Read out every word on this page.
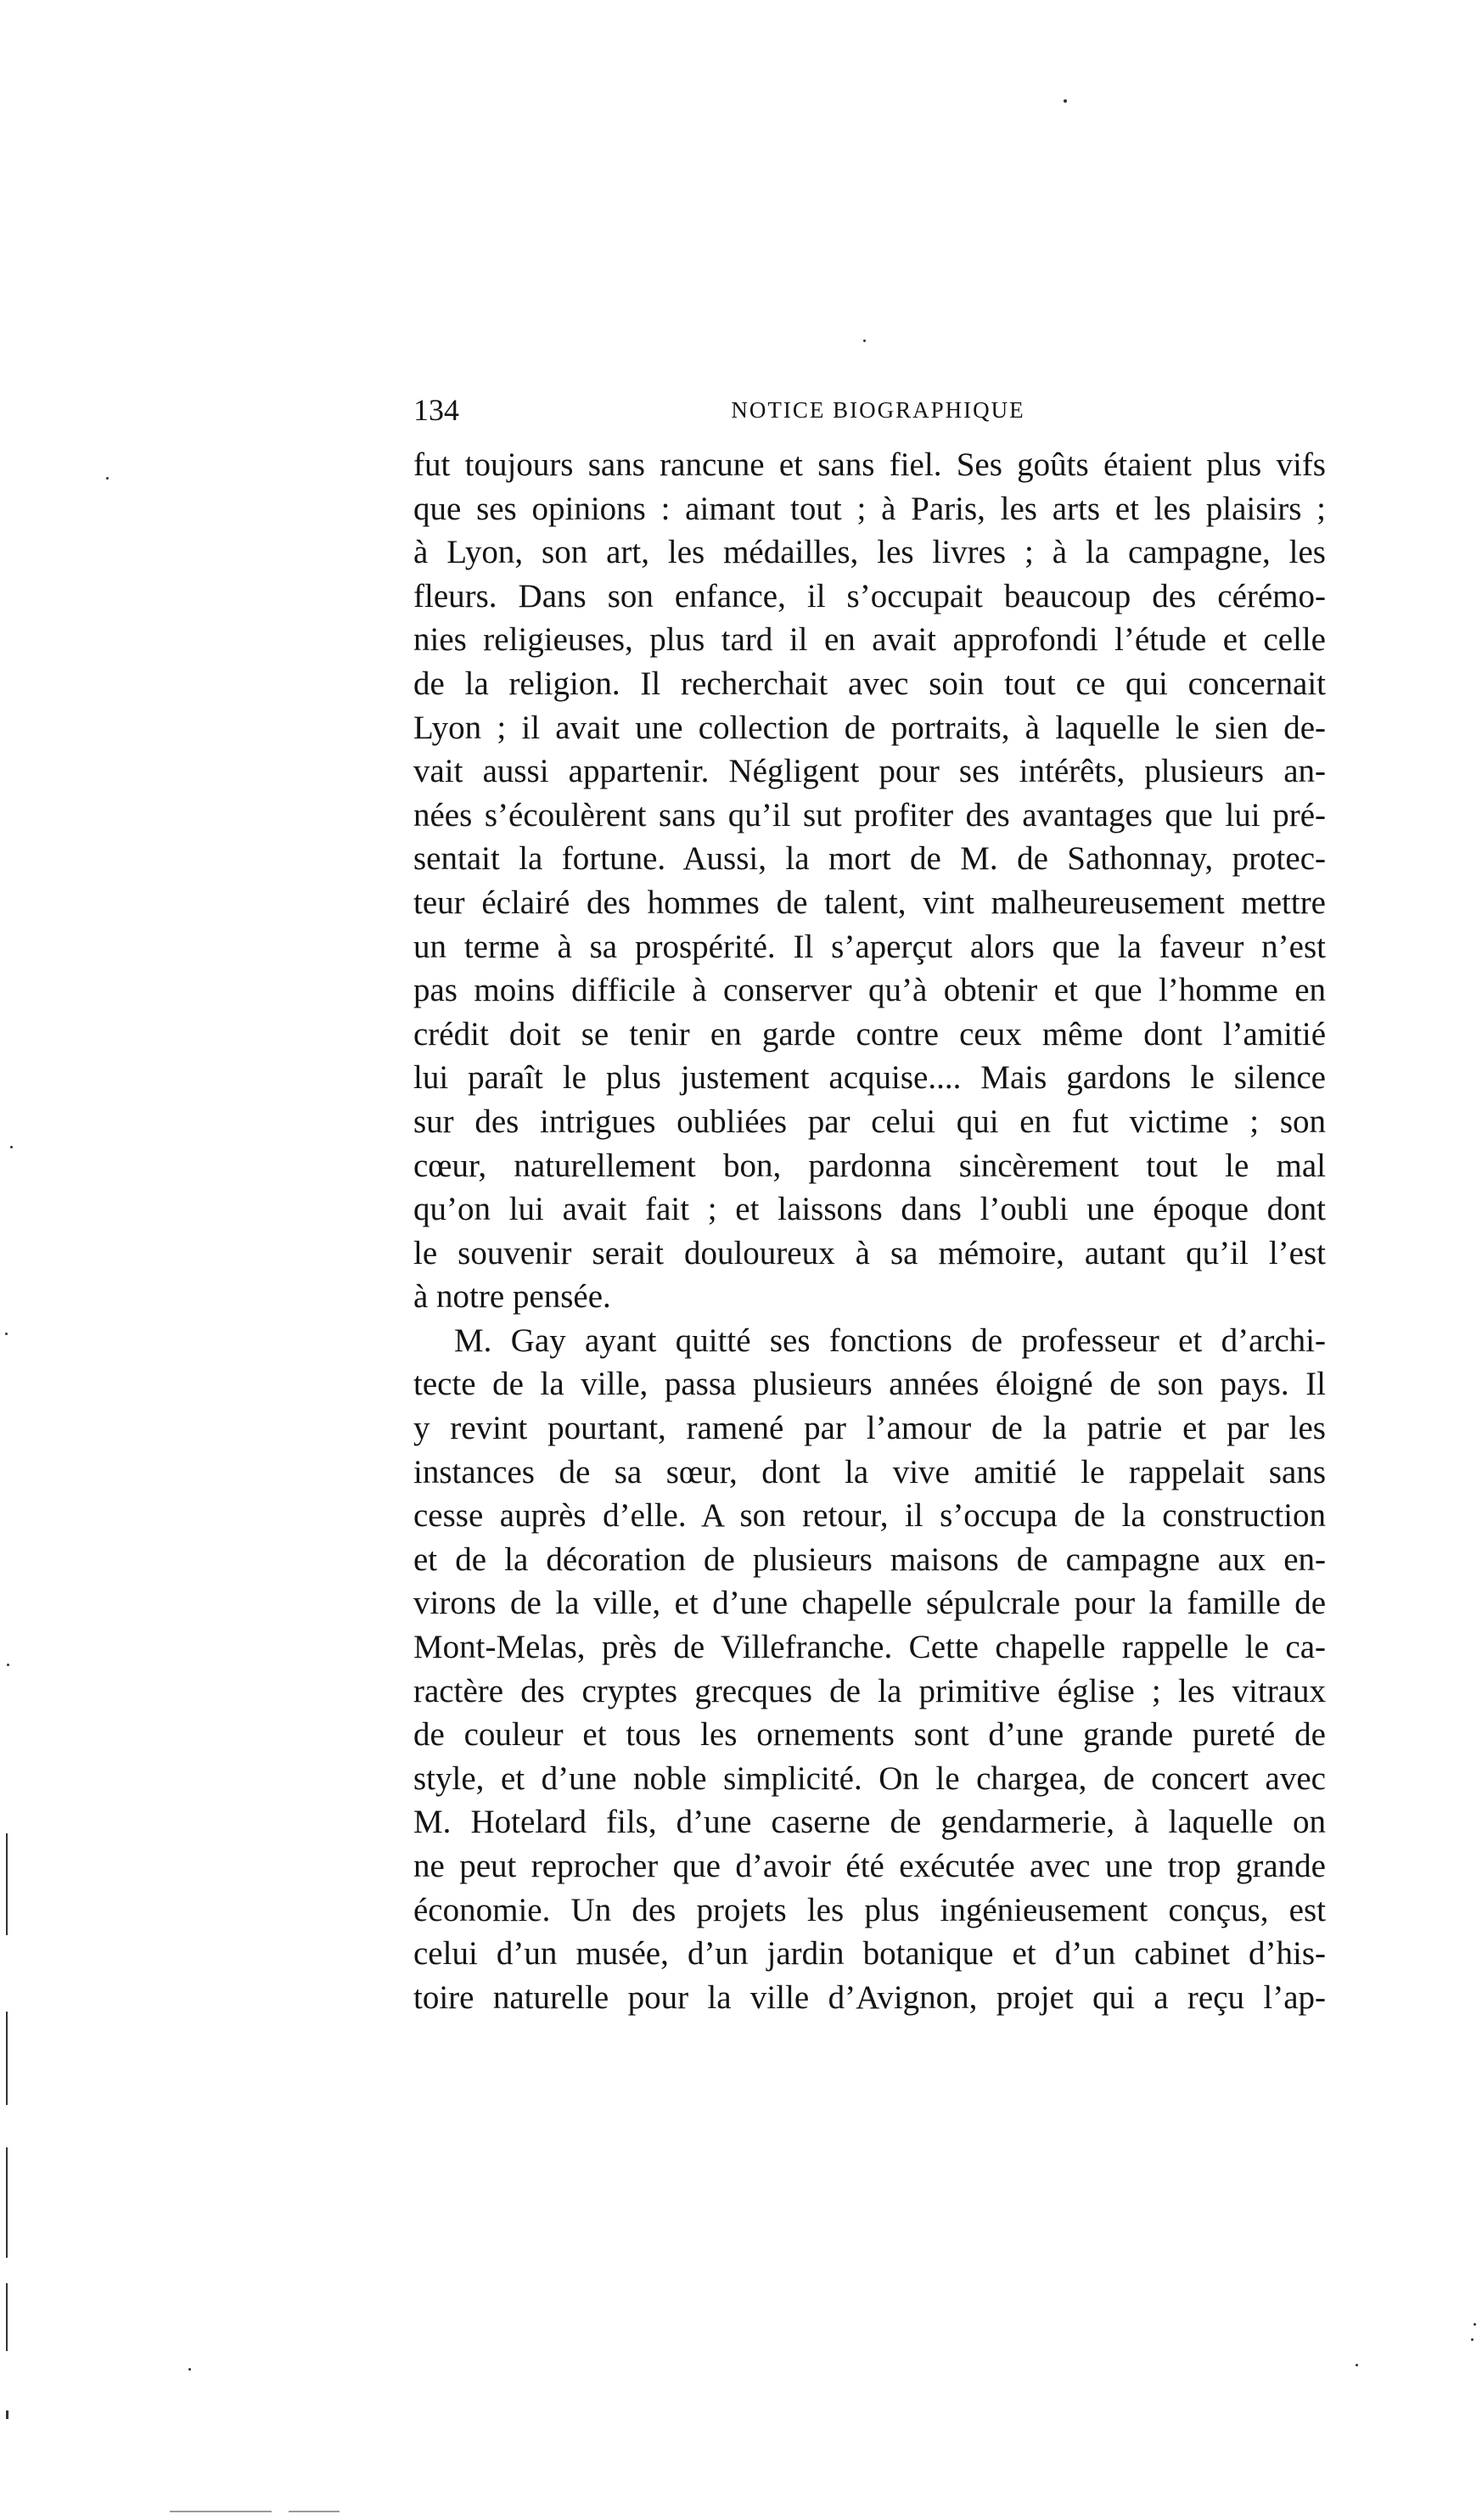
134	NOTICE BIOGRAPHIQUE
fut toujours sans rancune et sans fiel. Ses goûts étaient plus vifs
que ses opinions : aimant tout ; à Paris, les arts et les plaisirs ;
à Lyon, son art, les médailles, les livres ; à la campagne, les
fleurs. Dans son enfance, il s’occupait beaucoup des cérémo-
nies religieuses, plus tard il en avait approfondi l’étude et celle
de la religion. Il recherchait avec soin tout ce qui concernait
Lyon ; il avait une collection de portraits, à laquelle le sien de-
vait aussi appartenir. Négligent pour ses intérêts, plusieurs an-
nées s’écoulèrent sans qu’il sut profiter des avantages que lui pré-
sentait la fortune. Aussi, la mort de M. de Sathonnay, protec-
teur éclairé des hommes de talent, vint malheureusement mettre
un terme à sa prospérité. Il s’aperçut alors que la faveur n’est
pas moins difficile à conserver qu’à obtenir et que l’homme en
crédit doit se tenir en garde contre ceux même dont l’amitié
lui paraît le plus justement acquise.... Mais gardons le silence
sur des intrigues oubliées par celui qui en fut victime ; son
cœur, naturellement bon, pardonna sincèrement tout le mal
qu’on lui avait fait ; et laissons dans l’oubli une époque dont
le souvenir serait douloureux à sa mémoire, autant qu’il l’est
à notre pensée.
M. Gay ayant quitté ses fonctions de professeur et d’archi-
tecte de la ville, passa plusieurs années éloigné de son pays. Il
y revint pourtant, ramené par l’amour de la patrie et par les
instances de sa sœur, dont la vive amitié le rappelait sans
cesse auprès d’elle. A son retour, il s’occupa de la construction
et de la décoration de plusieurs maisons de campagne aux en-
virons de la ville, et d’une chapelle sépulcrale pour la famille de
Mont-Melas, près de Villefranche. Cette chapelle rappelle le ca-
ractère des cryptes grecques de la primitive église ; les vitraux
de couleur et tous les ornements sont d’une grande pureté de
style, et d’une noble simplicité. On le chargea, de concert avec
M. Hotelard fils, d’une caserne de gendarmerie, à laquelle on
ne peut reprocher que d’avoir été exécutée avec une trop grande
économie. Un des projets les plus ingénieusement conçus, est
celui d’un musée, d’un jardin botanique et d’un cabinet d’his-
toire naturelle pour la ville d’Avignon, projet qui a reçu l’ap-
